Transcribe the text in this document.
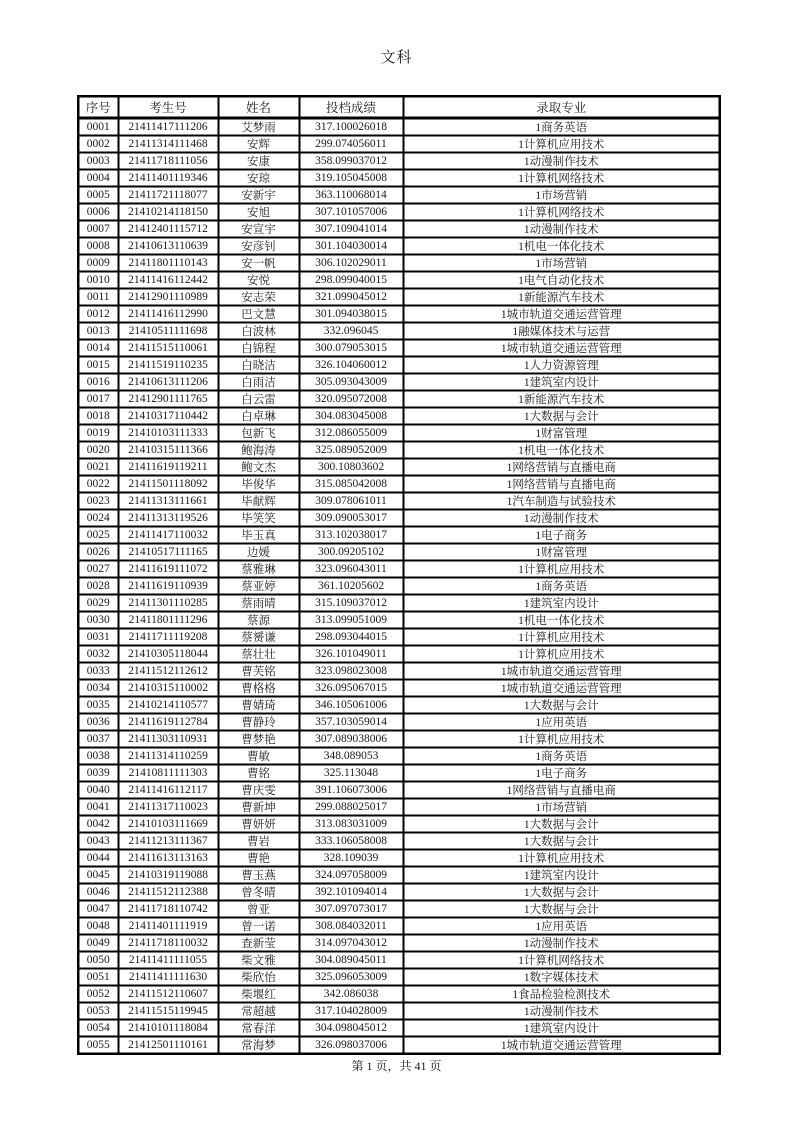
文科
序号	考生号	姓名	投档成绩	录取专业
0001	21411417111206	艾梦雨	317.100026018	1商务英语
0002	21411314111468	安辉	299.074056011	1计算机应用技术
0003	21411718111056	安康	358.099037012	1动漫制作技术
0004	21411401119346	安琼	319.105045008	1计算机网络技术
0005	21411721118077	安新宇	363.110068014	1市场营销
0006	21410214118150	安旭	307.101057006	1计算机网络技术
0007	21412401115712	安宣宇	307.109041014	1动漫制作技术
0008	21410613110639	安彦钊	301.104030014	1机电一体化技术
0009	21411801110143	安一帆	306.102029011	1市场营销
0010	21411416112442	安悦	298.099040015	1电气自动化技术
0011	21412901110989	安志荣	321.099045012	1新能源汽车技术
0012	21411416112990	巴文慧	301.094038015	1城市轨道交通运营管理
0013	21410511111698	白波林	332.096045	1融媒体技术与运营
0014	21411515110061	白锦程	300.079053015	1城市轨道交通运营管理
0015	21411519110235	白晓洁	326.104060012	1人力资源管理
0016	21410613111206	白雨洁	305.093043009	1建筑室内设计
0017	21412901111765	白云雷	320.095072008	1新能源汽车技术
0018	21410317110442	白卓琳	304.083045008	1大数据与会计
0019	21410103111333	包新飞	312.086055009	1财富管理
0020	21410315111366	鲍海涛	325.089052009	1机电一体化技术
0021	21411619119211	鲍文杰	300.10803602	1网络营销与直播电商
0022	21411501118092	毕俊华	315.085042008	1网络营销与直播电商
0023	21411313111661	毕献辉	309.078061011	1汽车制造与试验技术
0024	21411313119526	毕笑笑	309.090053017	1动漫制作技术
0025	21411417110032	毕玉真	313.102038017	1电子商务
0026	21410517111165	边媛	300.09205102	1财富管理
0027	21411619111072	蔡雅琳	323.096043011	1计算机应用技术
0028	21411619110939	蔡亚婷	361.10205602	1商务英语
0029	21411301110285	蔡雨晴	315.109037012	1建筑室内设计
0030	21411801111296	蔡源	313.099051009	1机电一体化技术
0031	21411711119208	蔡赟谦	298.093044015	1计算机应用技术
0032	21410305118044	蔡壮壮	326.101049011	1计算机应用技术
0033	21411512112612	曹芙铭	323.098023008	1城市轨道交通运营管理
0034	21410315110002	曹格格	326.095067015	1城市轨道交通运营管理
0035	21410214110577	曹婧琦	346.105061006	1大数据与会计
0036	21411619112784	曹静玲	357.103059014	1应用英语
0037	21411303110931	曹梦艳	307.089038006	1计算机应用技术
0038	21411314110259	曹敏	348.089053	1商务英语
0039	21410811111303	曹铭	325.113048	1电子商务
0040	21411416112117	曹庆雯	391.106073006	1网络营销与直播电商
0041	21411317110023	曹新坤	299.088025017	1市场营销
0042	21410103111669	曹妍妍	313.083031009	1大数据与会计
0043	21411213111367	曹岩	333.106058008	1大数据与会计
0044	21411613113163	曹艳	328.109039	1计算机应用技术
0045	21410319119088	曹玉燕	324.097058009	1建筑室内设计
0046	21411512112388	曾冬晴	392.101094014	1大数据与会计
0047	21411718110742	曾亚	307.097073017	1大数据与会计
0048	21411401111919	曾一诺	308.084032011	1应用英语
0049	21411718110032	查新莹	314.097043012	1动漫制作技术
0050	21411411111055	柴文雅	304.089045011	1计算机网络技术
0051	21411411111630	柴欣怡	325.096053009	1数字媒体技术
0052	21411512110607	柴堰红	342.086038	1食品检验检测技术
0053	21411515119945	常超越	317.104028009	1动漫制作技术
0054	21410101118084	常春洋	304.098045012	1建筑室内设计
0055	21412501110161	常海梦	326.098037006	1城市轨道交通运营管理
第 1 页，共 41 页
